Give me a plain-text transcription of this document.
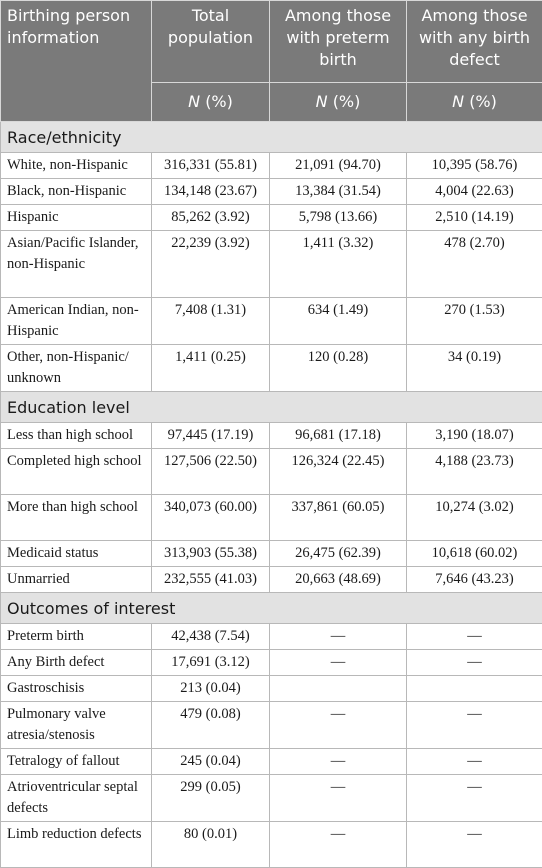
Birthing person information	Total population	Among those with preterm birth	Among those with any birth defect
	N (%)	N (%)	N (%)
Race/ethnicity			
White, non-Hispanic	316,331 (55.81)	21,091 (94.70)	10,395 (58.76)
Black, non-Hispanic	134,148 (23.67)	13,384 (31.54)	4,004 (22.63)
Hispanic	85,262 (3.92)	5,798 (13.66)	2,510 (14.19)
Asian/Pacific Islander, non-Hispanic	22,239 (3.92)	1,411 (3.32)	478 (2.70)
American Indian, non-Hispanic	7,408 (1.31)	634 (1.49)	270 (1.53)
Other, non-Hispanic/ unknown	1,411 (0.25)	120 (0.28)	34 (0.19)
Education level			
Less than high school	97,445 (17.19)	96,681 (17.18)	3,190 (18.07)
Completed high school	127,506 (22.50)	126,324 (22.45)	4,188 (23.73)
More than high school	340,073 (60.00)	337,861 (60.05)	10,274 (3.02)
Medicaid status	313,903 (55.38)	26,475 (62.39)	10,618 (60.02)
Unmarried	232,555 (41.03)	20,663 (48.69)	7,646 (43.23)
Outcomes of interest			
Preterm birth	42,438 (7.54)	—	—
Any Birth defect	17,691 (3.12)	—	—
Gastroschisis	213 (0.04)		
Pulmonary valve atresia/stenosis	479 (0.08)	—	—
Tetralogy of fallout	245 (0.04)	—	—
Atrioventricular septal defects	299 (0.05)	—	—
Limb reduction defects	80 (0.01)	—	—
